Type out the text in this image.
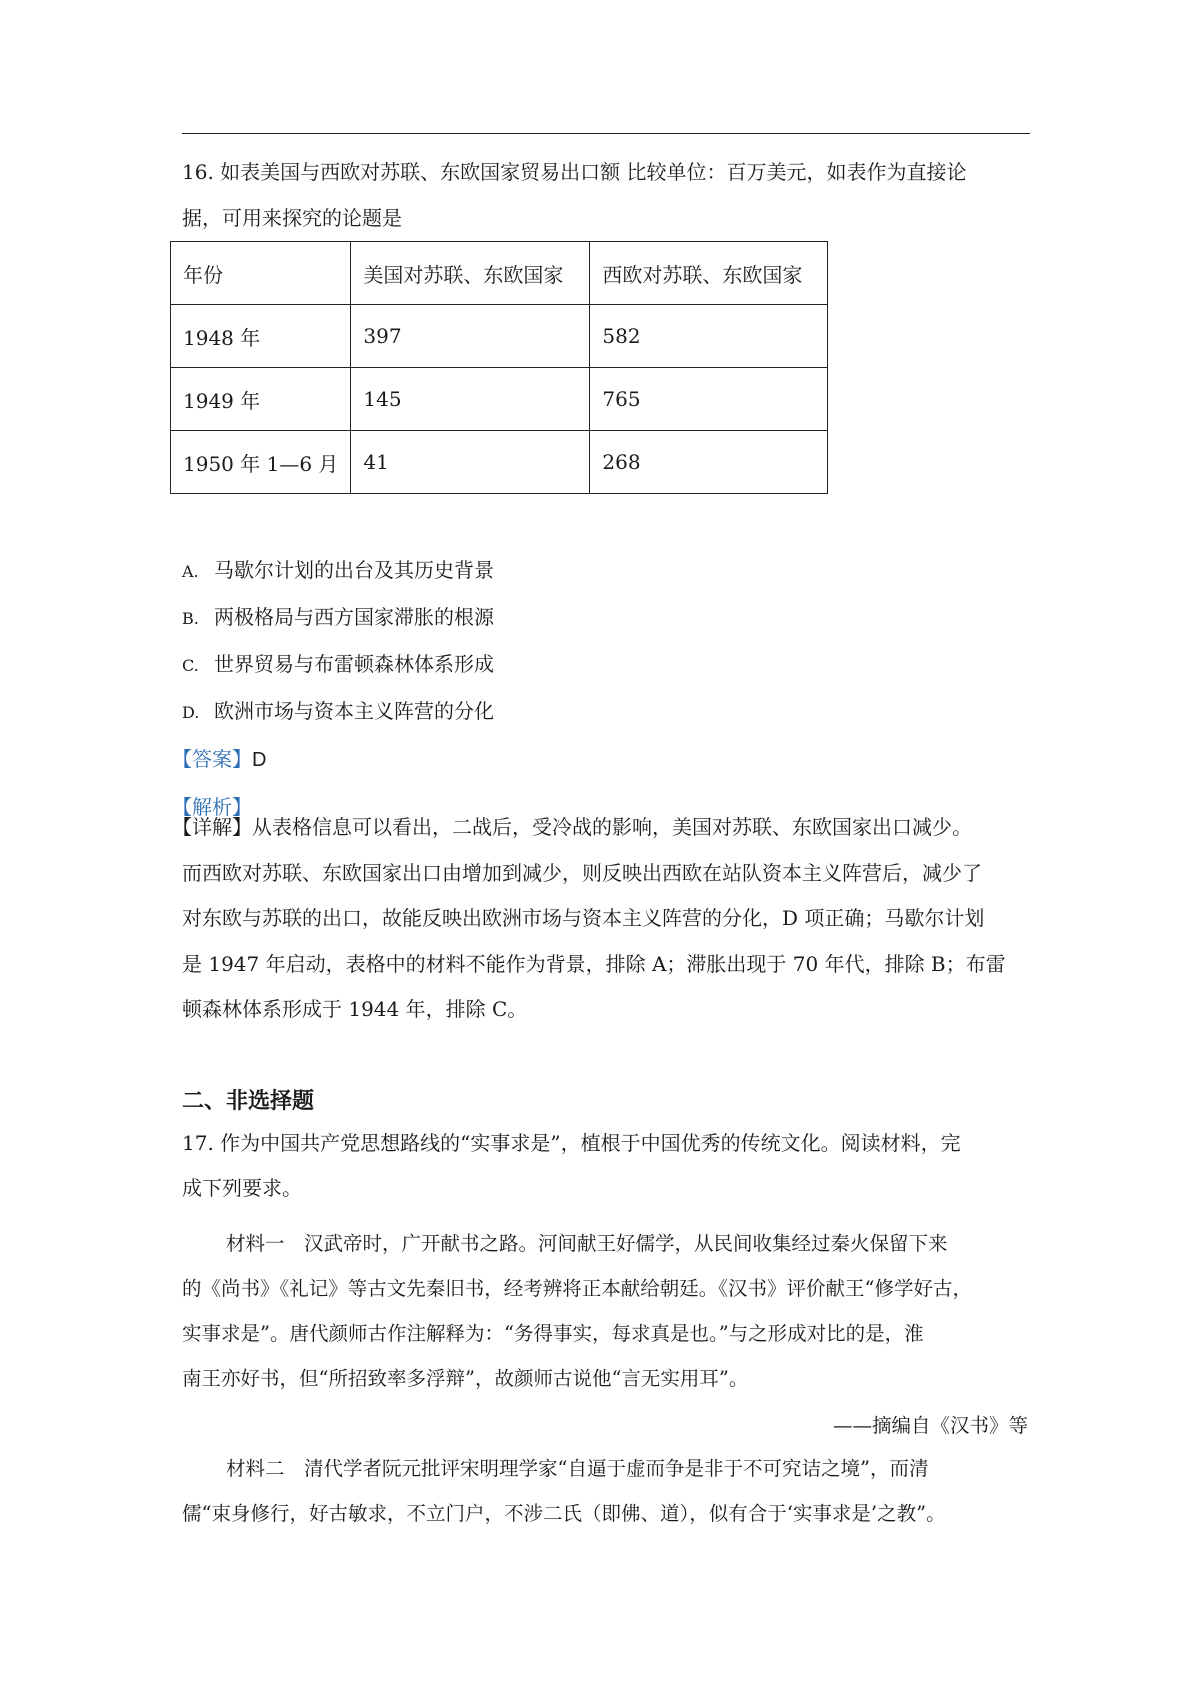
16. 如表美国与西欧对苏联、东欧国家贸易出口额 比较单位：百万美元，如表作为直接论
据，可用来探究的论题是
年份	美国对苏联、东欧国家	西欧对苏联、东欧国家
1948 年	397	582
1949 年	145	765
1950 年 1—6 月	41	268
A. 马歇尔计划的出台及其历史背景
B. 两极格局与西方国家滞胀的根源
C. 世界贸易与布雷顿森林体系形成
D. 欧洲市场与资本主义阵营的分化
【答案】D
【解析】
【详解】从表格信息可以看出，二战后，受冷战的影响，美国对苏联、东欧国家出口减少。
而西欧对苏联、东欧国家出口由增加到减少，则反映出西欧在站队资本主义阵营后，减少了
对东欧与苏联的出口，故能反映出欧洲市场与资本主义阵营的分化，D 项正确；马歇尔计划
是 1947 年启动，表格中的材料不能作为背景，排除 A；滞胀出现于 70 年代，排除 B；布雷
顿森林体系形成于 1944 年，排除 C。
二、非选择题
17. 作为中国共产党思想路线的“实事求是”，植根于中国优秀的传统文化。阅读材料，完
成下列要求。
材料一　汉武帝时，广开献书之路。河间献王好儒学，从民间收集经过秦火保留下来
的《尚书》《礼记》等古文先秦旧书，经考辨将正本献给朝廷。《汉书》评价献王“修学好古，
实事求是”。唐代颜师古作注解释为：“务得事实，每求真是也。”与之形成对比的是，淮
南王亦好书，但“所招致率多浮辩”，故颜师古说他“言无实用耳”。
——摘编自《汉书》等
材料二　清代学者阮元批评宋明理学家“自逼于虚而争是非于不可究诘之境”，而清
儒“束身修行，好古敏求，不立门户，不涉二氏（即佛、道），似有合于‘实事求是’之教”。
